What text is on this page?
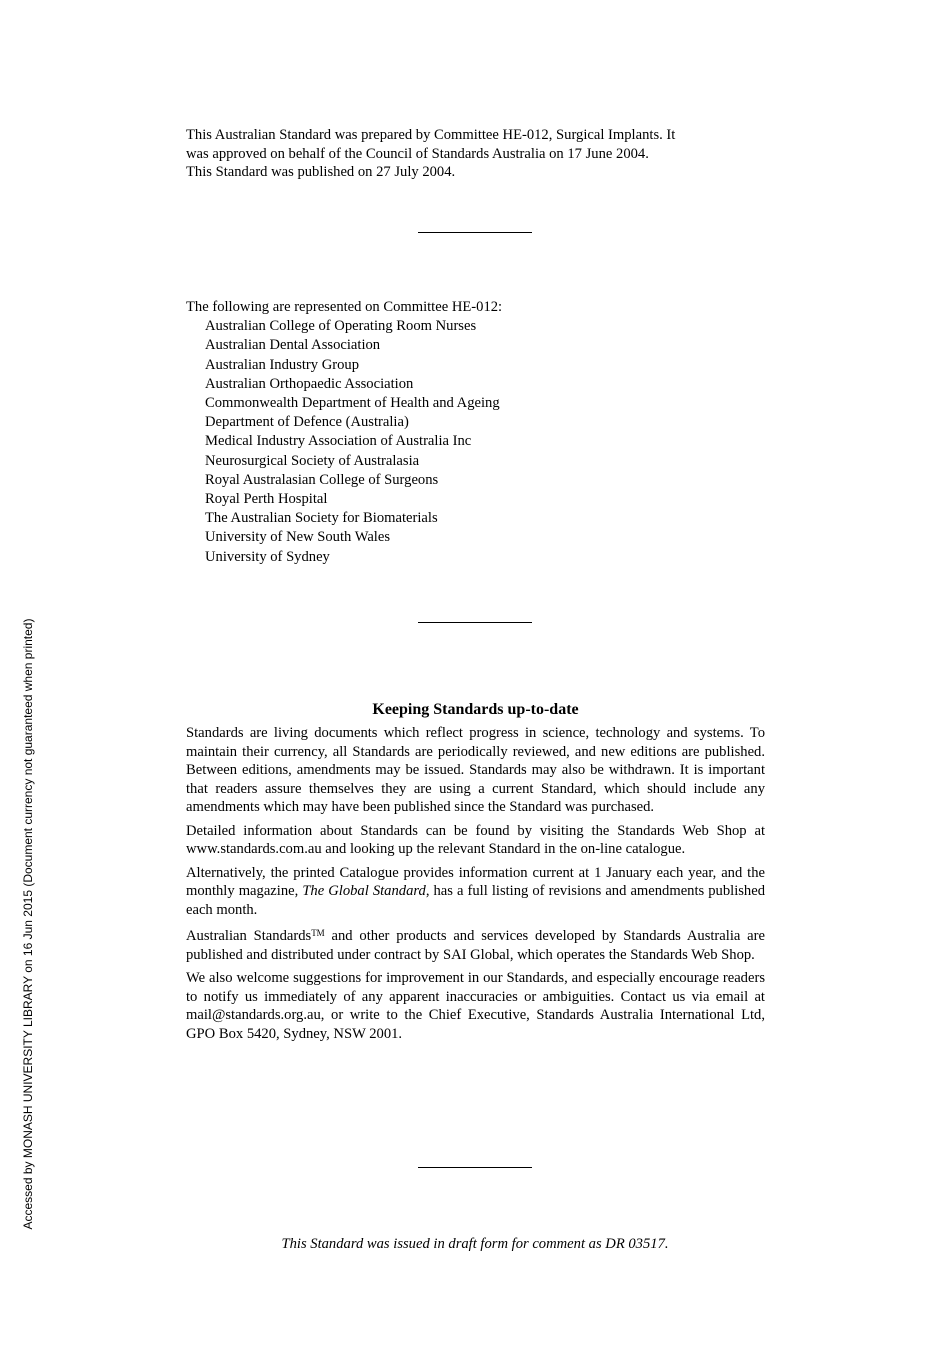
This Australian Standard was prepared by Committee HE-012, Surgical Implants. It
was approved on behalf of the Council of Standards Australia on 17 June 2004.
This Standard was published on 27 July 2004.
The following are represented on Committee HE-012:
Australian College of Operating Room Nurses
Australian Dental Association
Australian Industry Group
Australian Orthopaedic Association
Commonwealth Department of Health and Ageing
Department of Defence (Australia)
Medical Industry Association of Australia Inc
Neurosurgical Society of Australasia
Royal Australasian College of Surgeons
Royal Perth Hospital
The Australian Society for Biomaterials
University of New South Wales
University of Sydney
Keeping Standards up-to-date

Standards are living documents which reflect progress in science, technology and systems. To maintain their currency, all Standards are periodically reviewed, and new editions are published. Between editions, amendments may be issued. Standards may also be withdrawn. It is important that readers assure themselves they are using a current Standard, which should include any amendments which may have been published since the Standard was purchased.

Detailed information about Standards can be found by visiting the Standards Web Shop at www.standards.com.au and looking up the relevant Standard in the on-line catalogue.

Alternatively, the printed Catalogue provides information current at 1 January each year, and the monthly magazine, The Global Standard, has a full listing of revisions and amendments published each month.

Australian Standards™ and other products and services developed by Standards Australia are published and distributed under contract by SAI Global, which operates the Standards Web Shop.

We also welcome suggestions for improvement in our Standards, and especially encourage readers to notify us immediately of any apparent inaccuracies or ambiguities. Contact us via email at mail@standards.org.au, or write to the Chief Executive, Standards Australia International Ltd, GPO Box 5420, Sydney, NSW 2001.

This Standard was issued in draft form for comment as DR 03517.
Accessed by MONASH UNIVERSITY LIBRARY on 16 Jun 2015 (Document currency not guaranteed when printed)
